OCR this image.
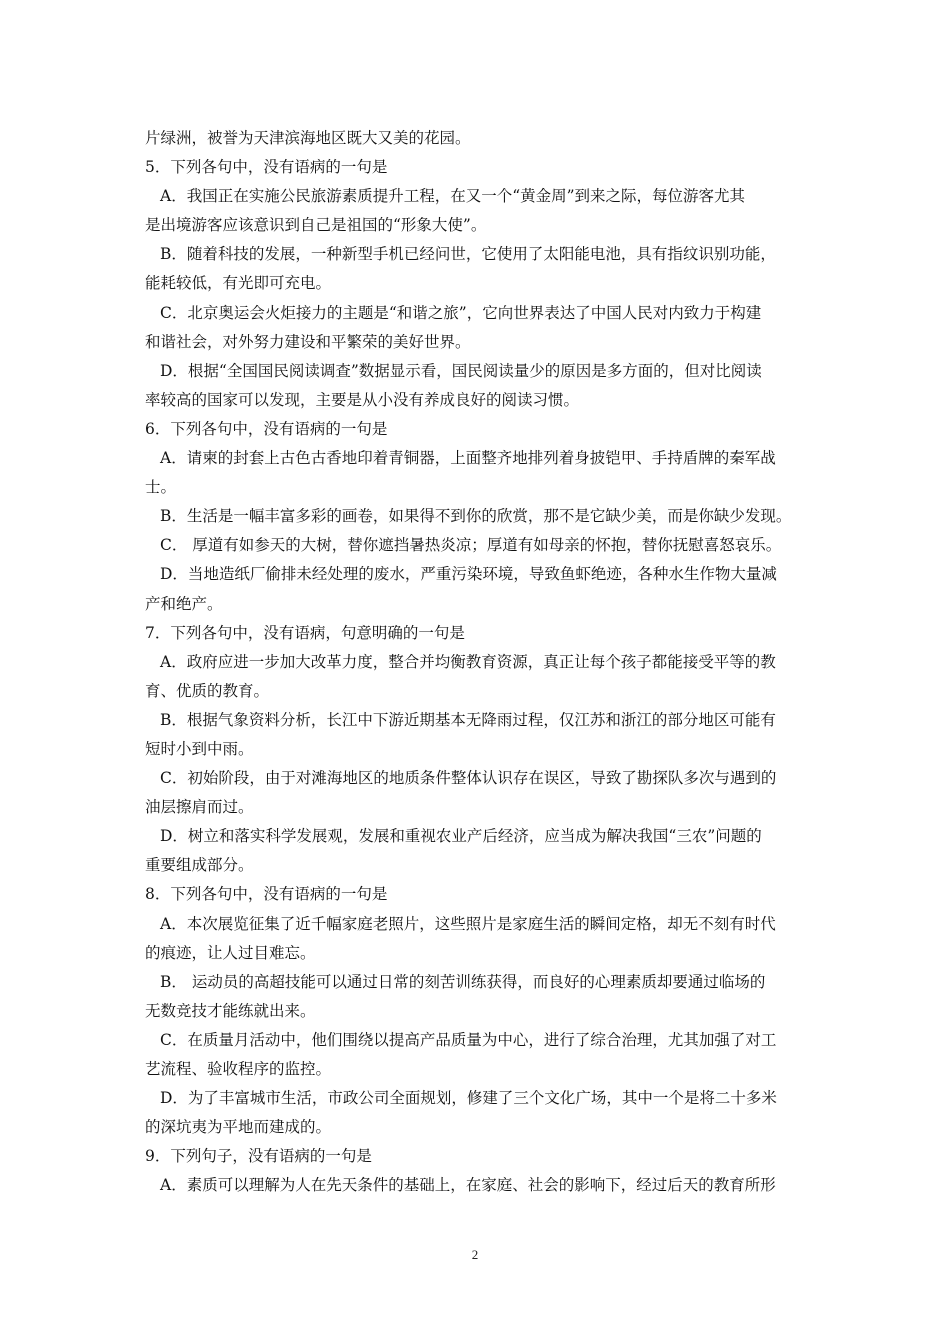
片绿洲，被誉为天津滨海地区既大又美的花园。
5．下列各句中，没有语病的一句是
A．我国正在实施公民旅游素质提升工程，在又一个“黄金周”到来之际，每位游客尤其
是出境游客应该意识到自己是祖国的“形象大使”。
B．随着科技的发展，一种新型手机已经问世，它使用了太阳能电池，具有指纹识别功能，
能耗较低，有光即可充电。
C．北京奥运会火炬接力的主题是“和谐之旅”，它向世界表达了中国人民对内致力于构建
和谐社会，对外努力建设和平繁荣的美好世界。
D．根据“全国国民阅读调查”数据显示看，国民阅读量少的原因是多方面的，但对比阅读
率较高的国家可以发现，主要是从小没有养成良好的阅读习惯。
6．下列各句中，没有语病的一句是
A．请柬的封套上古色古香地印着青铜器，上面整齐地排列着身披铠甲、手持盾牌的秦军战
士。
B．生活是一幅丰富多彩的画卷，如果得不到你的欣赏，那不是它缺少美，而是你缺少发现。
C． 厚道有如参天的大树，替你遮挡暑热炎凉；厚道有如母亲的怀抱，替你抚慰喜怒哀乐。
D．当地造纸厂偷排未经处理的废水，严重污染环境，导致鱼虾绝迹，各种水生作物大量减
产和绝产。
7．下列各句中，没有语病，句意明确的一句是
A．政府应进一步加大改革力度，整合并均衡教育资源，真正让每个孩子都能接受平等的教
育、优质的教育。
B．根据气象资料分析，长江中下游近期基本无降雨过程，仅江苏和浙江的部分地区可能有
短时小到中雨。
C．初始阶段，由于对滩海地区的地质条件整体认识存在误区，导致了勘探队多次与遇到的
油层擦肩而过。
D．树立和落实科学发展观，发展和重视农业产后经济，应当成为解决我国“三农”问题的
重要组成部分。
8．下列各句中，没有语病的一句是
A．本次展览征集了近千幅家庭老照片，这些照片是家庭生活的瞬间定格，却无不刻有时代
的痕迹，让人过目难忘。
B． 运动员的高超技能可以通过日常的刻苦训练获得，而良好的心理素质却要通过临场的
无数竞技才能练就出来。
C．在质量月活动中，他们围绕以提高产品质量为中心，进行了综合治理，尤其加强了对工
艺流程、验收程序的监控。
D．为了丰富城市生活，市政公司全面规划，修建了三个文化广场，其中一个是将二十多米
的深坑夷为平地而建成的。
9．下列句子，没有语病的一句是
A．素质可以理解为人在先天条件的基础上，在家庭、社会的影响下，经过后天的教育所形
2
